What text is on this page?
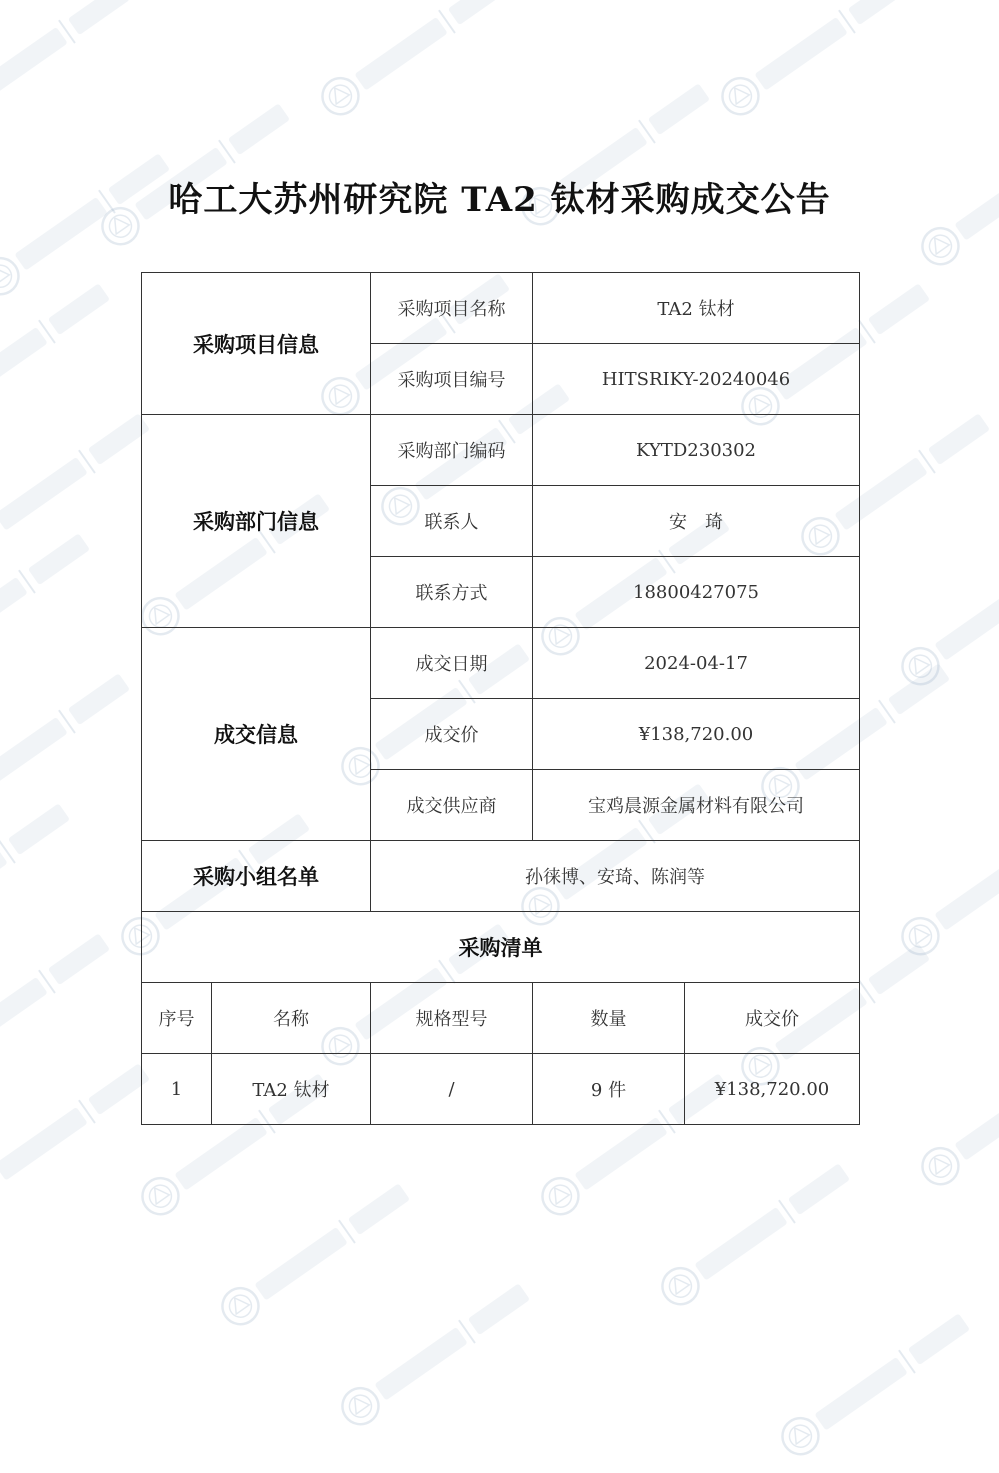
哈工大苏州研究院 TA2 钛材采购成交公告
采购项目信息		采购项目名称	TA2 钛材	
		采购项目编号	HITSRIKY-20240046	
采购部门信息		采购部门编码	KYTD230302	
		联系人	安　琦	
		联系方式	18800427075	
成交信息		成交日期	2024-04-17	
		成交价	¥138,720.00	
		成交供应商	宝鸡晨源金属材料有限公司	
采购小组名单		孙徕博、安琦、陈润等		
采购清单				
序号	名称	规格型号	数量	成交价
1	TA2 钛材	/	9 件	¥138,720.00
